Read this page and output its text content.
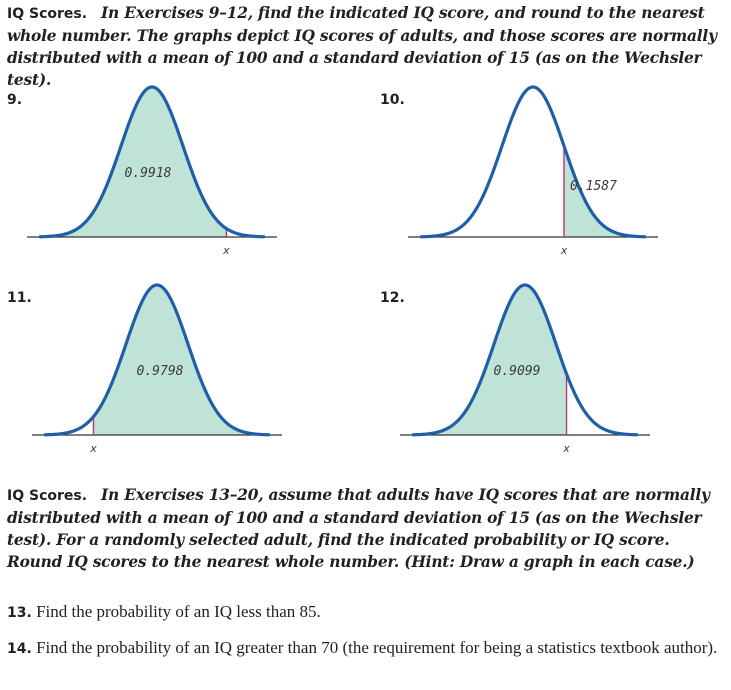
IQ Scores. In Exercises 9–12, find the indicated IQ score, and round to the nearest whole number. The graphs depict IQ scores of adults, and those scores are normally distributed with a mean of 100 and a standard deviation of 15 (as on the Wechsler test).
9.
x
0.9918
10.
x
0.1587
11.
x
0.9798
12.
x
0.9099
IQ Scores. In Exercises 13–20, assume that adults have IQ scores that are normally distributed with a mean of 100 and a standard deviation of 15 (as on the Wechsler test). For a randomly selected adult, find the indicated probability or IQ score. Round IQ scores to the nearest whole number. (Hint: Draw a graph in each case.)
13. Find the probability of an IQ less than 85.
14. Find the probability of an IQ greater than 70 (the requirement for being a statistics textbook author).
